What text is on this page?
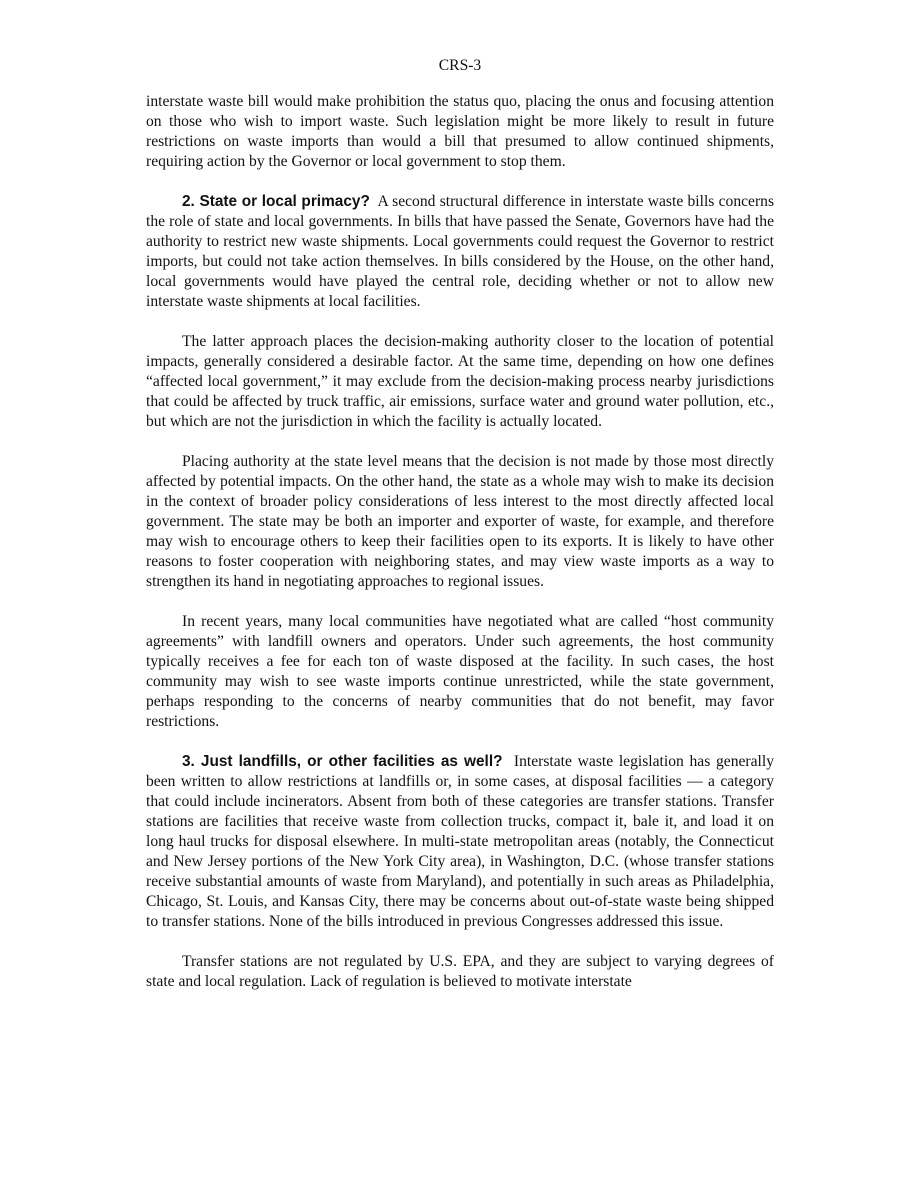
CRS-3

interstate waste bill would make prohibition the status quo, placing the onus and focusing attention on those who wish to import waste. Such legislation might be more likely to result in future restrictions on waste imports than would a bill that presumed to allow continued shipments, requiring action by the Governor or local government to stop them.

2. State or local primacy? A second structural difference in interstate waste bills concerns the role of state and local governments. In bills that have passed the Senate, Governors have had the authority to restrict new waste shipments. Local governments could request the Governor to restrict imports, but could not take action themselves. In bills considered by the House, on the other hand, local governments would have played the central role, deciding whether or not to allow new interstate waste shipments at local facilities.

The latter approach places the decision-making authority closer to the location of potential impacts, generally considered a desirable factor. At the same time, depending on how one defines “affected local government,” it may exclude from the decision-making process nearby jurisdictions that could be affected by truck traffic, air emissions, surface water and ground water pollution, etc., but which are not the jurisdiction in which the facility is actually located.

Placing authority at the state level means that the decision is not made by those most directly affected by potential impacts. On the other hand, the state as a whole may wish to make its decision in the context of broader policy considerations of less interest to the most directly affected local government. The state may be both an importer and exporter of waste, for example, and therefore may wish to encourage others to keep their facilities open to its exports. It is likely to have other reasons to foster cooperation with neighboring states, and may view waste imports as a way to strengthen its hand in negotiating approaches to regional issues.

In recent years, many local communities have negotiated what are called “host community agreements” with landfill owners and operators. Under such agreements, the host community typically receives a fee for each ton of waste disposed at the facility. In such cases, the host community may wish to see waste imports continue unrestricted, while the state government, perhaps responding to the concerns of nearby communities that do not benefit, may favor restrictions.

3. Just landfills, or other facilities as well? Interstate waste legislation has generally been written to allow restrictions at landfills or, in some cases, at disposal facilities — a category that could include incinerators. Absent from both of these categories are transfer stations. Transfer stations are facilities that receive waste from collection trucks, compact it, bale it, and load it on long haul trucks for disposal elsewhere. In multi-state metropolitan areas (notably, the Connecticut and New Jersey portions of the New York City area), in Washington, D.C. (whose transfer stations receive substantial amounts of waste from Maryland), and potentially in such areas as Philadelphia, Chicago, St. Louis, and Kansas City, there may be concerns about out-of-state waste being shipped to transfer stations. None of the bills introduced in previous Congresses addressed this issue.

Transfer stations are not regulated by U.S. EPA, and they are subject to varying degrees of state and local regulation. Lack of regulation is believed to motivate interstate
